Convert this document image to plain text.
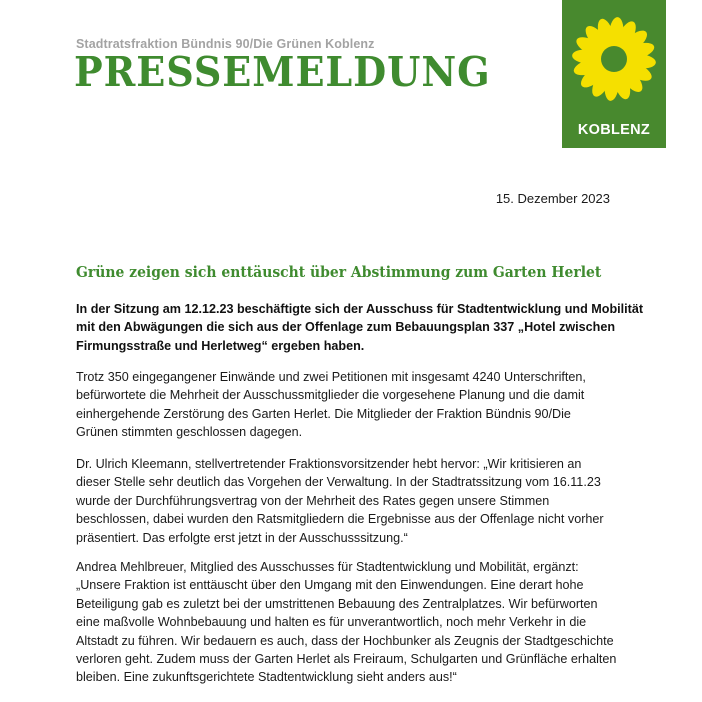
Stadtratsfraktion Bündnis 90/Die Grünen Koblenz
PRESSEMELDUNG
KOBLENZ
15. Dezember 2023
Grüne zeigen sich enttäuscht über Abstimmung zum Garten Herlet

In der Sitzung am 12.12.23 beschäftigte sich der Ausschuss für Stadtentwicklung und Mobilität
mit den Abwägungen die sich aus der Offenlage zum Bebauungsplan 337 „Hotel zwischen
Firmungsstraße und Herletweg“ ergeben haben.

Trotz 350 eingegangener Einwände und zwei Petitionen mit insgesamt 4240 Unterschriften,
befürwortete die Mehrheit der Ausschussmitglieder die vorgesehene Planung und die damit
einhergehende Zerstörung des Garten Herlet. Die Mitglieder der Fraktion Bündnis 90/Die
Grünen stimmten geschlossen dagegen.

Dr. Ulrich Kleemann, stellvertretender Fraktionsvorsitzender hebt hervor: „Wir kritisieren an
dieser Stelle sehr deutlich das Vorgehen der Verwaltung. In der Stadtratssitzung vom 16.11.23
wurde der Durchführungsvertrag von der Mehrheit des Rates gegen unsere Stimmen
beschlossen, dabei wurden den Ratsmitgliedern die Ergebnisse aus der Offenlage nicht vorher
präsentiert. Das erfolgte erst jetzt in der Ausschusssitzung.“

Andrea Mehlbreuer, Mitglied des Ausschusses für Stadtentwicklung und Mobilität, ergänzt:
„Unsere Fraktion ist enttäuscht über den Umgang mit den Einwendungen. Eine derart hohe
Beteiligung gab es zuletzt bei der umstrittenen Bebauung des Zentralplatzes. Wir befürworten
eine maßvolle Wohnbebauung und halten es für unverantwortlich, noch mehr Verkehr in die
Altstadt zu führen. Wir bedauern es auch, dass der Hochbunker als Zeugnis der Stadtgeschichte
verloren geht. Zudem muss der Garten Herlet als Freiraum, Schulgarten und Grünfläche erhalten
bleiben. Eine zukunftsgerichtete Stadtentwicklung sieht anders aus!“
